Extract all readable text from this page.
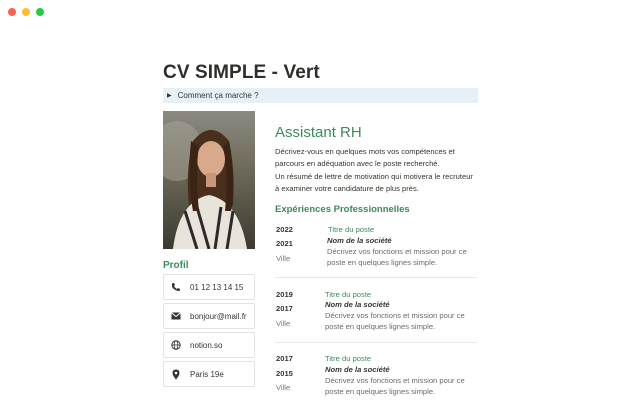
CV SIMPLE - Vert
▶ Comment ça marche ?
Profil
01 12 13 14 15
bonjour@mail.fr
notion.so
Paris 19e
Assistant RH

Décrivez-vous en quelques mots vos compétences et parcours en adéquation avec le poste recherché.

Un résumé de lettre de motivation qui motivera le recruteur à examiner votre candidature de plus près.

Expériences Professionnelles
2022
2021
Ville
Titre du poste
Nom de la société
Décrivez vos fonctions et mission pour ce poste en quelques lignes simple.
2019
2017
Ville
Titre du poste
Nom de la société
Décrivez vos fonctions et mission pour ce poste en quelques lignes simple.
2017
2015
Ville
Titre du poste
Nom de la société
Décrivez vos fonctions et mission pour ce poste en quelques lignes simple.
